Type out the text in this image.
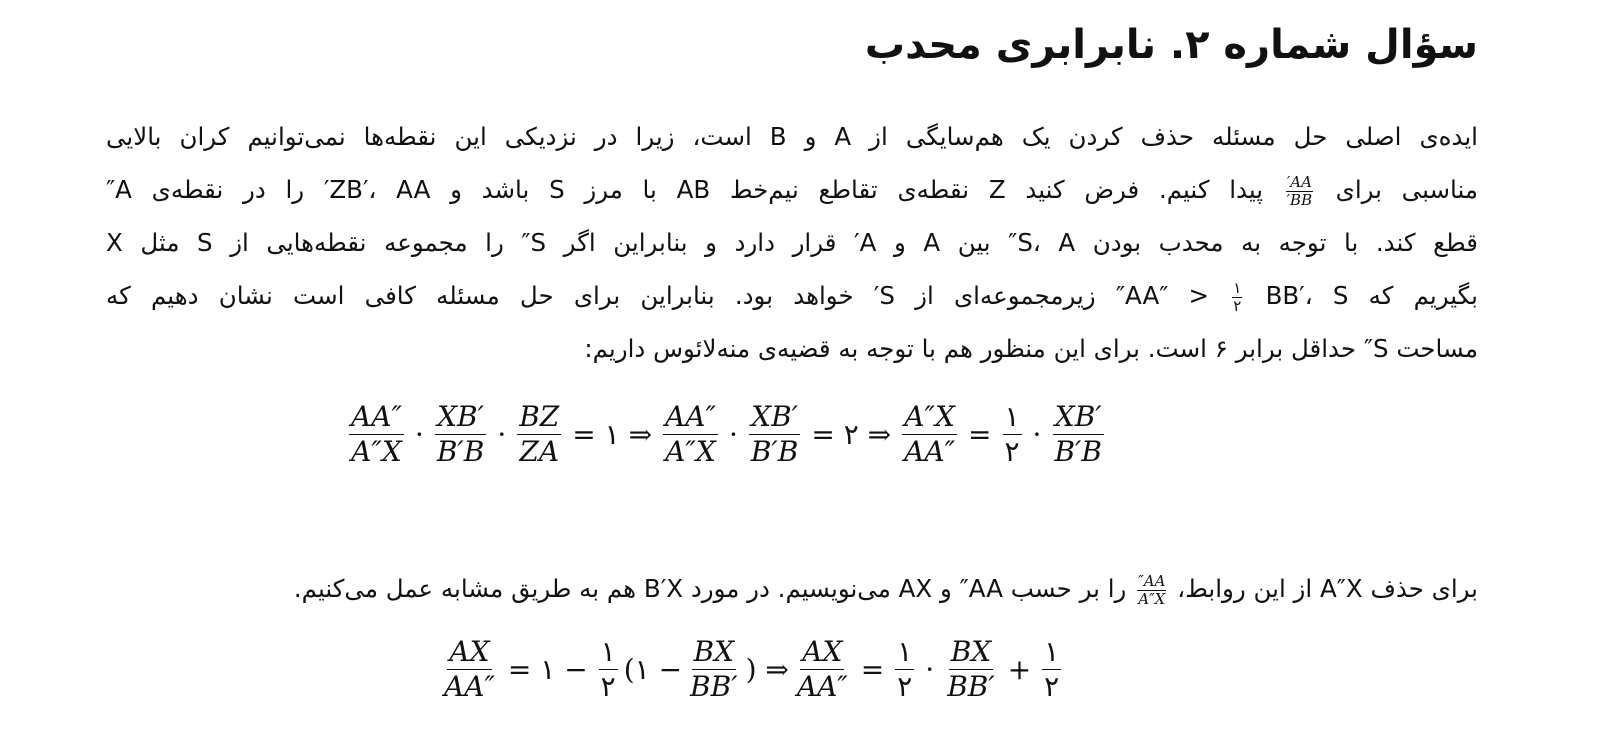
سؤال شماره ۲. نابرابری محدب
ایده‌ی اصلی حل مسئله حذف کردن یک هم‌سایگی از A و B است، زیرا در نزدیکی این نقطه‌ها نمی‌توانیم کران بالایی
مناسبی برای
$\frac{AA'}{BB'}$
پیدا کنیم. فرض کنید Z نقطه‌ی تقاطع نیم‌خط AB با مرز S باشد و ZB′، AA′ را در نقطه‌ی A″
قطع کند. با توجه به محدب بودن S، A″ بین A و A′ قرار دارد و بنابراین اگر S″ را مجموعه نقطه‌هایی از S مثل X
بگیریم که AA″ >
$\frac{۱}{۲}$
BB′، S″ زیرمجموعه‌ای از S′ خواهد بود. بنابراین برای حل مسئله کافی است نشان دهیم که
مساحت S″ حداقل برابر ۶ است. برای این منظور هم با توجه به قضیه‌ی منه‌لائوس داریم:
$\frac{AA''}{A''X} \cdot \frac{XB'}{B'B} \cdot \frac{BZ}{ZA}$ = ۱ ⇒ $\frac{AA''}{A''X} \cdot \frac{XB'}{B'B}$ = ۲ ⇒ $\frac{A''X}{AA''} = \frac{۱}{۲} \cdot \frac{XB'}{B'B}$
برای حذف A″X از این روابط،
$\frac{AA''}{A''X}$
را بر حسب AA″ و AX می‌نویسیم. در مورد B′X هم به طریق مشابه عمل می‌کنیم.
$\frac{AX}{AA''}$ = ۱ − $\frac{۱}{۲}$ (۱ − $\frac{BX}{BB'}$ ) ⇒ $\frac{AX}{AA''} = \frac{۱}{۲} \cdot \frac{BX}{BB'} + \frac{۱}{۲}$
